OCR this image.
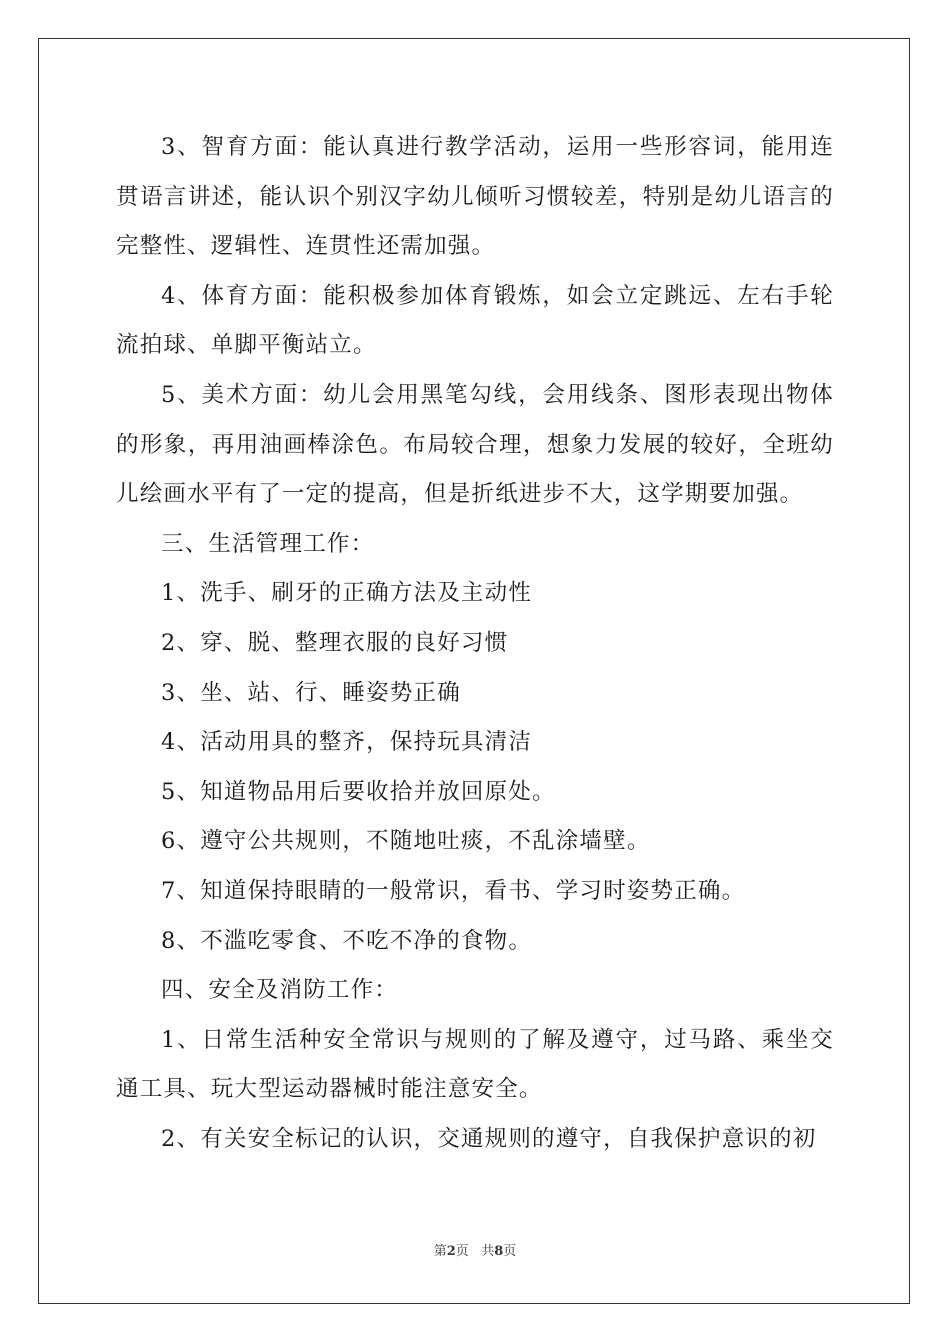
3、智育方面：能认真进行教学活动，运用一些形容词，能用连贯语言讲述，能认识个别汉字幼儿倾听习惯较差，特别是幼儿语言的完整性、逻辑性、连贯性还需加强。

4、体育方面：能积极参加体育锻炼，如会立定跳远、左右手轮流拍球、单脚平衡站立。

5、美术方面：幼儿会用黑笔勾线，会用线条、图形表现出物体的形象，再用油画棒涂色。布局较合理，想象力发展的较好，全班幼儿绘画水平有了一定的提高，但是折纸进步不大，这学期要加强。

三、生活管理工作：

1、洗手、刷牙的正确方法及主动性

2、穿、脱、整理衣服的良好习惯

3、坐、站、行、睡姿势正确

4、活动用具的整齐，保持玩具清洁

5、知道物品用后要收拾并放回原处。

6、遵守公共规则，不随地吐痰，不乱涂墙壁。

7、知道保持眼睛的一般常识，看书、学习时姿势正确。

8、不滥吃零食、不吃不净的食物。

四、安全及消防工作：

1、日常生活种安全常识与规则的了解及遵守，过马路、乘坐交通工具、玩大型运动器械时能注意安全。

2、有关安全标记的认识，交通规则的遵守，自我保护意识的初

第2页   共8页
